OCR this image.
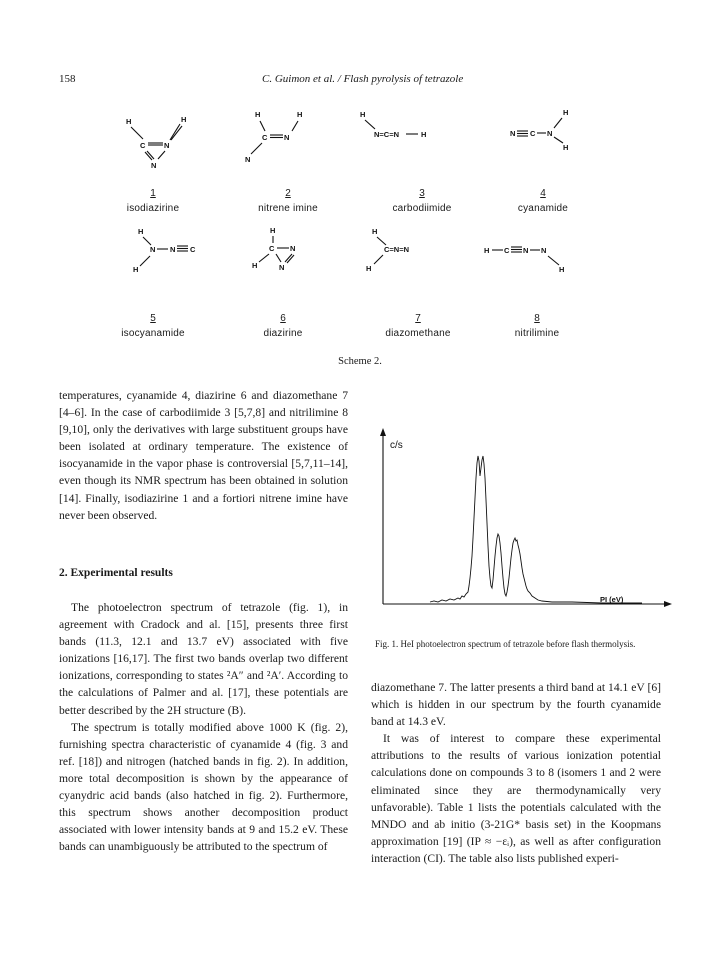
158	C. Guimon et al. / Flash pyrolysis of tetrazole
H
C N
N
H
H	H
C N
N
H
N=C=N	H	N C N
H
H
H
N N C
H
H
C N
H	N
H
C=N=N
H
H C N N
H
1
isodiazirine
2
nitrene imine
3
carbodiimide
4
cyanamide
5
isocyanamide
6
diazirine
7
diazomethane
8
nitrilimine
Scheme 2.

temperatures, cyanamide 4, diazirine 6 and diazomethane 7 [4–6]. In the case of carbodiimide 3 [5,7,8] and nitrilimine 8 [9,10], only the derivatives with large substituent groups have been isolated at ordinary temperature. The existence of isocyanamide in the vapor phase is controversial [5,7,11–14], even though its NMR spectrum has been obtained in solution [14]. Finally, isodiazirine 1 and a fortiori nitrene imine have never been observed.

2. Experimental results

The photoelectron spectrum of tetrazole (fig. 1), in agreement with Cradock and al. [15], presents three first bands (11.3, 12.1 and 13.7 eV) associated with five ionizations [16,17]. The first two bands overlap two different ionizations, corresponding to states ²A″ and ²A′. According to the calculations of Palmer and al. [17], these potentials are better described by the 2H structure (B).

The spectrum is totally modified above 1000 K (fig. 2), furnishing spectra characteristic of cyanamide 4 (fig. 3 and ref. [18]) and nitrogen (hatched bands in fig. 2). In addition, more total decomposition is shown by the appearance of cyanydric acid bands (also hatched in fig. 2). Furthermore, this spectrum shows another decomposition product associated with lower intensity bands at 9 and 15.2 eV. These bands can unambiguously be attributed to the spectrum of

c/s
PI (eV)
Fig. 1. HeI photoelectron spectrum of tetrazole before flash thermolysis.

diazomethane 7. The latter presents a third band at 14.1 eV [6] which is hidden in our spectrum by the fourth cyanamide band at 14.3 eV.

It was of interest to compare these experimental attributions to the results of various ionization potential calculations done on compounds 3 to 8 (isomers 1 and 2 were eliminated since they are thermodynamically very unfavorable). Table 1 lists the potentials calculated with the MNDO and ab initio (3-21G* basis set) in the Koopmans approximation [19] (IP ≈ −εᵢ), as well as after configuration interaction (CI). The table also lists published experi-
